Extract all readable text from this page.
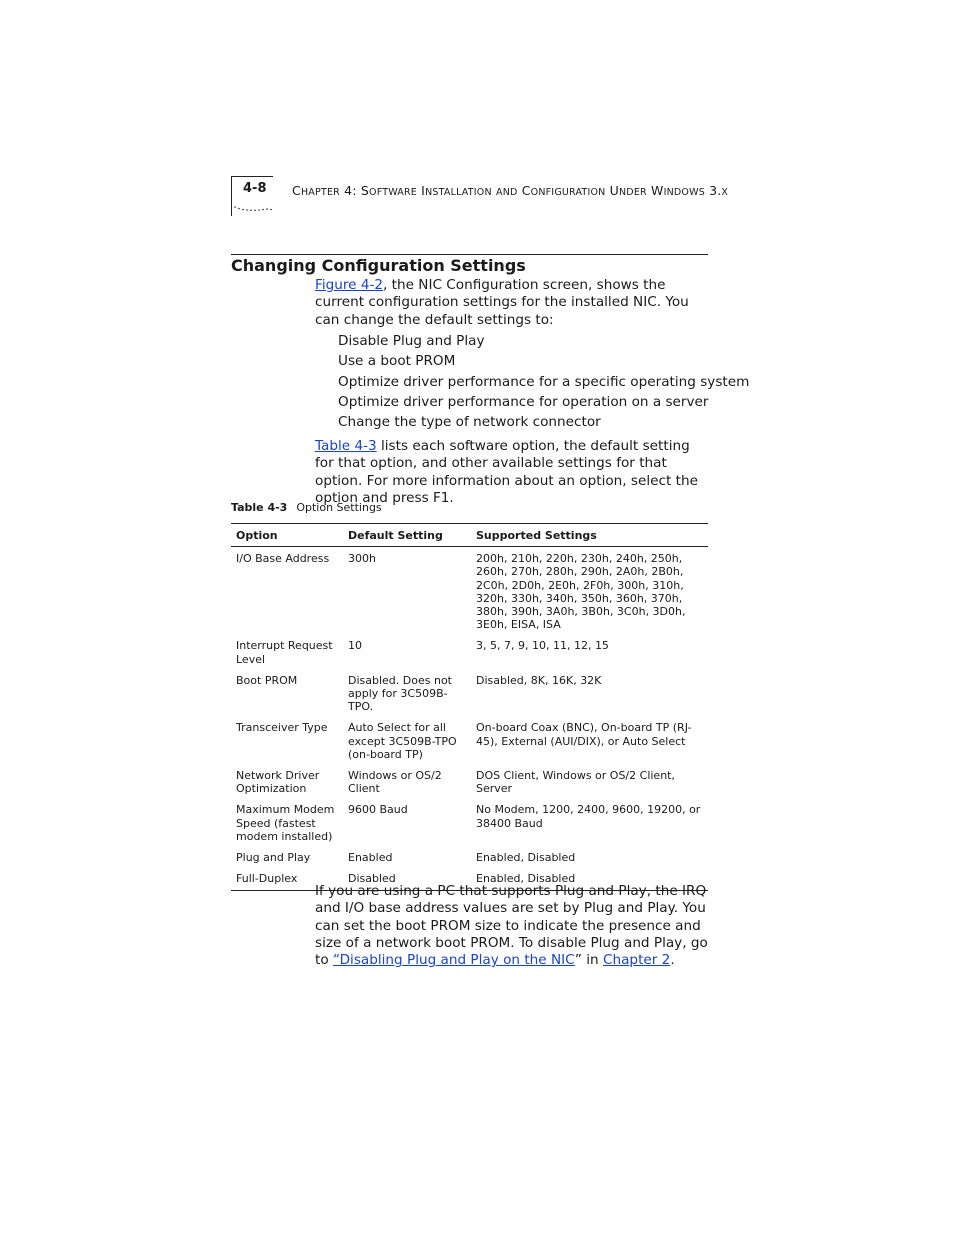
4-8 CHAPTER 4: SOFTWARE INSTALLATION AND CONFIGURATION UNDER WINDOWS 3.X
Changing Configuration Settings
Figure 4-2, the NIC Configuration screen, shows the current configuration settings for the installed NIC. You can change the default settings to:
Disable Plug and Play
Use a boot PROM
Optimize driver performance for a specific operating system
Optimize driver performance for operation on a server
Change the type of network connector
Table 4-3 lists each software option, the default setting for that option, and other available settings for that option. For more information about an option, select the option and press F1.
Table 4-3 Option Settings
Option	Default Setting	Supported Settings
I/O Base Address	300h	200h, 210h, 220h, 230h, 240h, 250h, 260h, 270h, 280h, 290h, 2A0h, 2B0h, 2C0h, 2D0h, 2E0h, 2F0h, 300h, 310h, 320h, 330h, 340h, 350h, 360h, 370h, 380h, 390h, 3A0h, 3B0h, 3C0h, 3D0h, 3E0h, EISA, ISA
Interrupt Request Level	10	3, 5, 7, 9, 10, 11, 12, 15
Boot PROM	Disabled. Does not apply for 3C509B-TPO.	Disabled, 8K, 16K, 32K
Transceiver Type	Auto Select for all except 3C509B-TPO (on-board TP)	On-board Coax (BNC), On-board TP (RJ-45), External (AUI/DIX), or Auto Select
Network Driver Optimization	Windows or OS/2 Client	DOS Client, Windows or OS/2 Client, Server
Maximum Modem Speed (fastest modem installed)	9600 Baud	No Modem, 1200, 2400, 9600, 19200, or 38400 Baud
Plug and Play	Enabled	Enabled, Disabled
Full-Duplex	Disabled	Enabled, Disabled
If you are using a PC that supports Plug and Play, the IRQ and I/O base address values are set by Plug and Play. You can set the boot PROM size to indicate the presence and size of a network boot PROM. To disable Plug and Play, go to “Disabling Plug and Play on the NIC” in Chapter 2.
